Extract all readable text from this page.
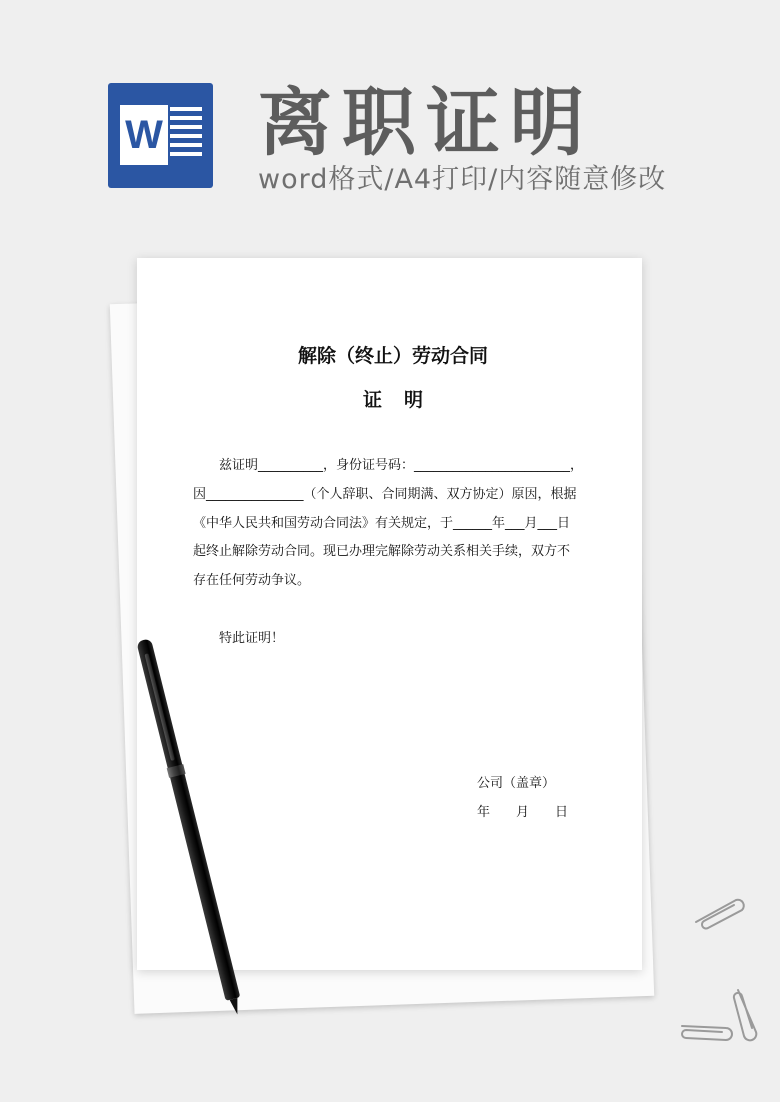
W 离职证明
word格式/A4打印/内容随意修改
解除（终止）劳动合同
证明
兹证明__________，身份证号码：________________________，
因_______________（个人辞职、合同期满、双方协定）原因，根据
《中华人民共和国劳动合同法》有关规定，于______年___月___日
起终止解除劳动合同。现已办理完解除劳动关系相关手续，双方不
存在任何劳动争议。
特此证明！
公司（盖章）
年　　月　　日
